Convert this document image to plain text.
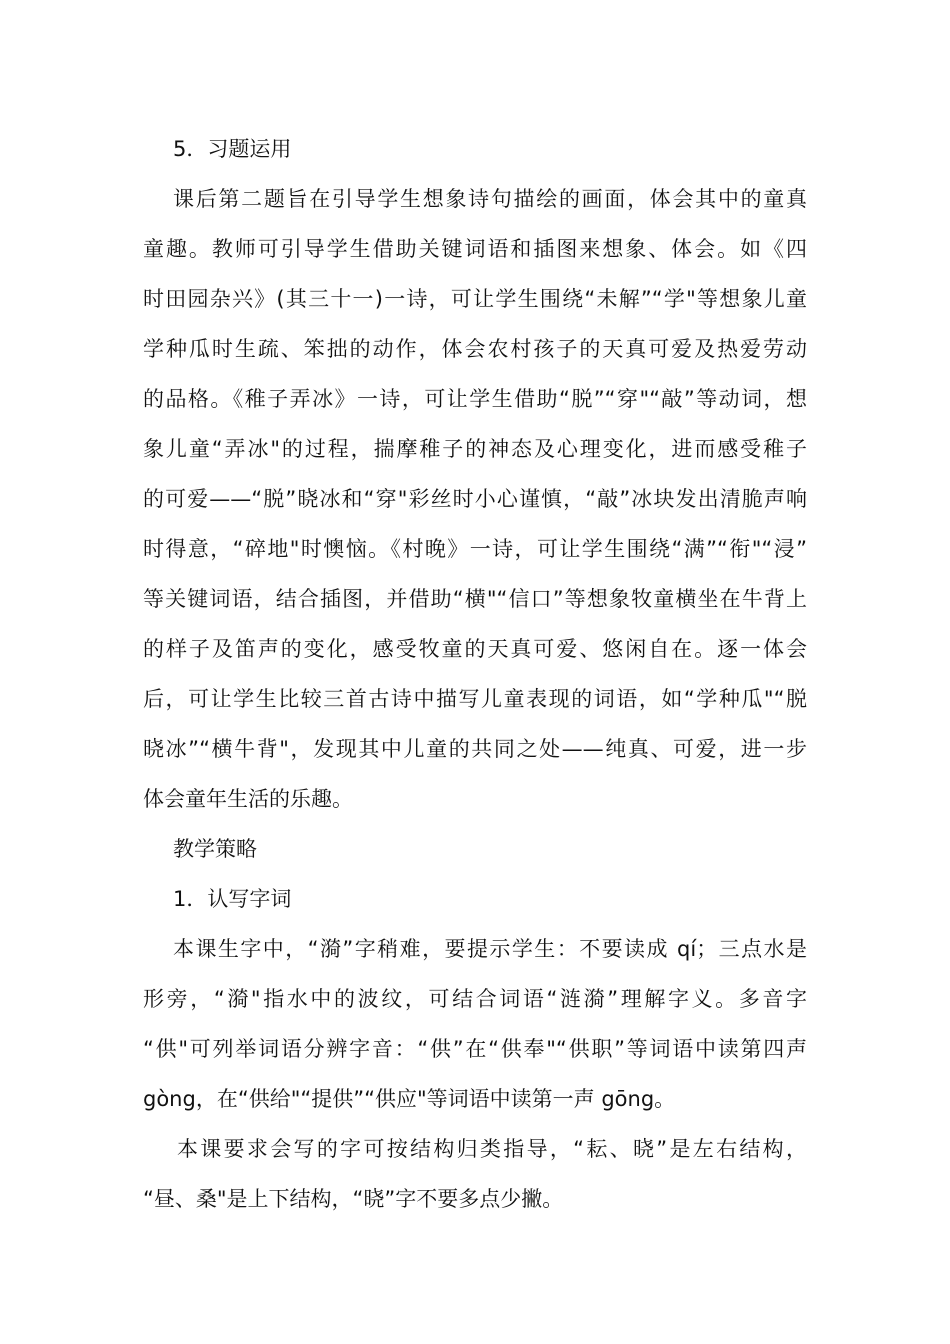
5．习题运用
课后第二题旨在引导学生想象诗句描绘的画面，体会其中的童真
童趣。教师可引导学生借助关键词语和插图来想象、体会。如《四
时田园杂兴》(其三十一)一诗，可让学生围绕“未解”“学"等想象儿童
学种瓜时生疏、笨拙的动作，体会农村孩子的天真可爱及热爱劳动
的品格。《稚子弄冰》一诗，可让学生借助“脱”“穿"“敲”等动词，想
象儿童“弄冰"的过程，揣摩稚子的神态及心理变化，进而感受稚子
的可爱——“脱”晓冰和“穿"彩丝时小心谨慎，“敲”冰块发出清脆声响
时得意，“碎地"时懊恼。《村晚》一诗，可让学生围绕“满”“衔"“浸”
等关键词语，结合插图，并借助“横"“信口”等想象牧童横坐在牛背上
的样子及笛声的变化，感受牧童的天真可爱、悠闲自在。逐一体会
后，可让学生比较三首古诗中描写儿童表现的词语，如“学种瓜"“脱
晓冰”“横牛背"，发现其中儿童的共同之处——纯真、可爱，进一步
体会童年生活的乐趣。
教学策略
1．认写字词
本课生字中，“漪”字稍难，要提示学生：不要读成 qí；三点水是
形旁，“漪"指水中的波纹，可结合词语“涟漪”理解字义。多音字
“供"可列举词语分辨字音：“供”在“供奉"“供职”等词语中读第四声
gòng，在“供给"“提供”“供应"等词语中读第一声 gōng。
本课要求会写的字可按结构归类指导，“耘、晓”是左右结构，
“昼、桑"是上下结构，“晓”字不要多点少撇。
